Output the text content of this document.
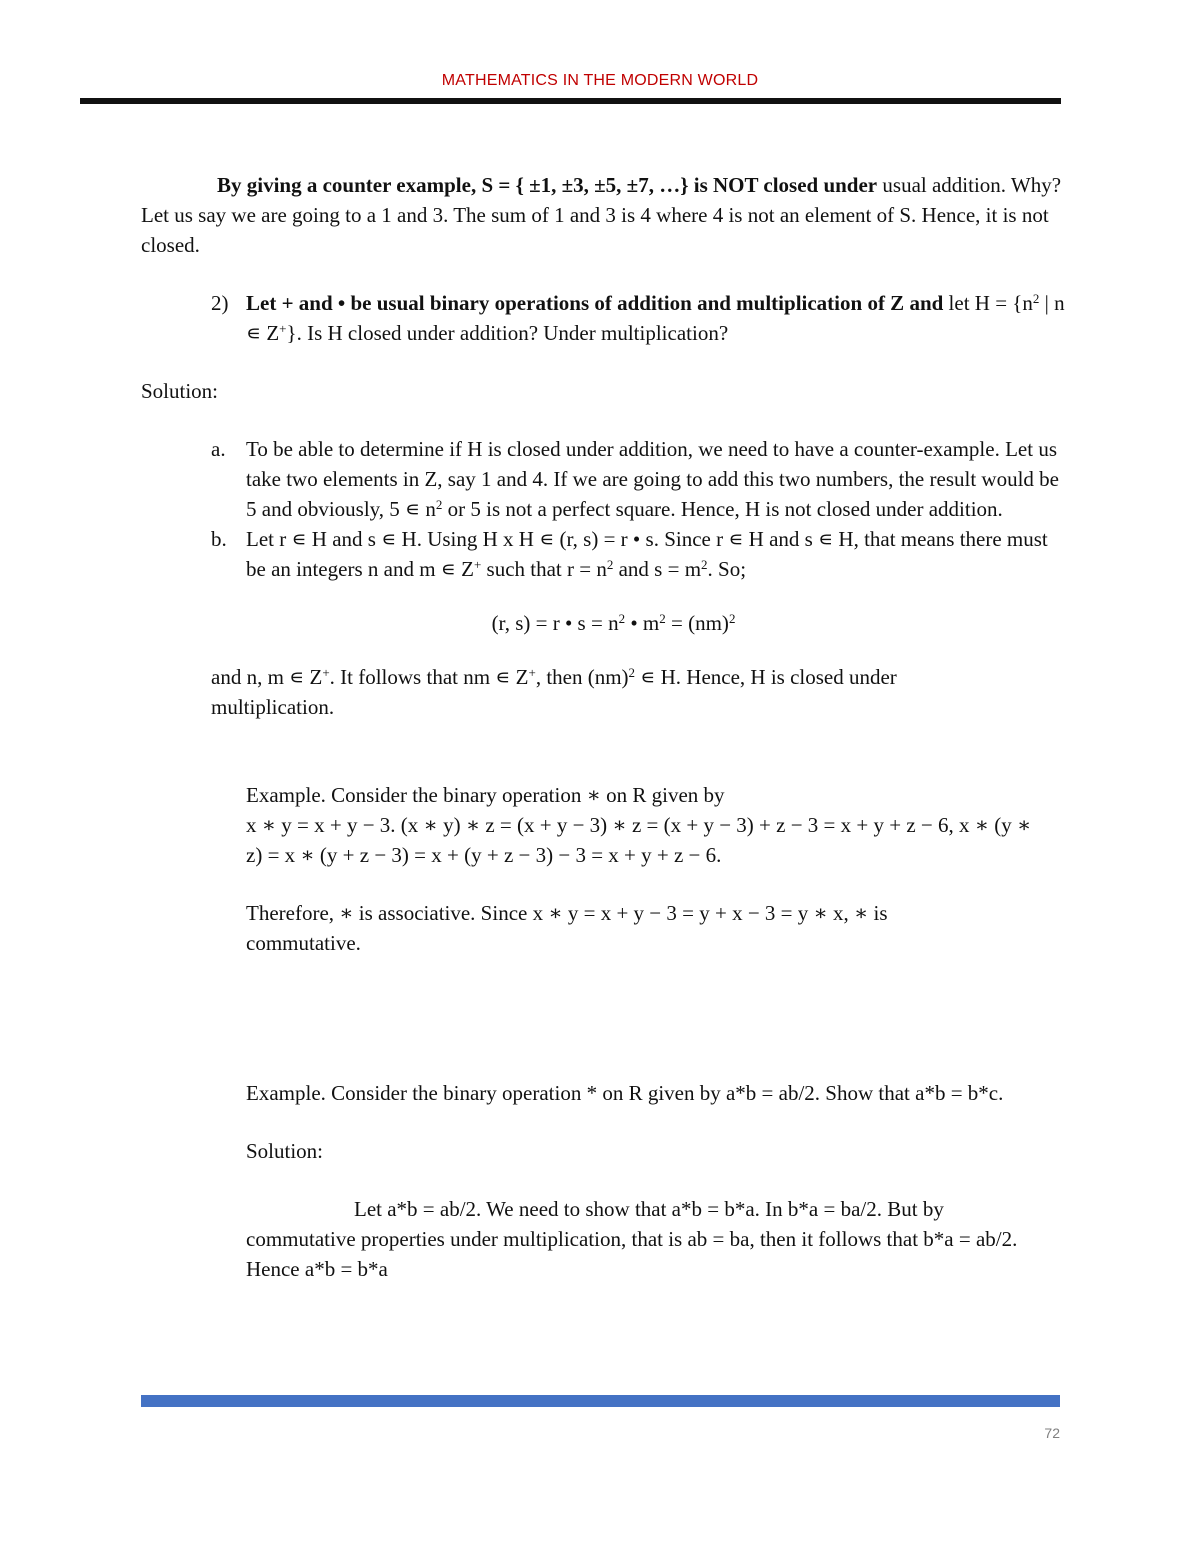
MATHEMATICS IN THE MODERN WORLD

By giving a counter example, S = { ±1, ±3, ±5, ±7, …} is NOT closed under usual addition. Why? Let us say we are going to a 1 and 3. The sum of 1 and 3 is 4 where 4 is not an element of S. Hence, it is not closed.

2) Let + and • be usual binary operations of addition and multiplication of Z and let $H = \{n^2$ | n ∊ Z+}. Is H closed under addition? Under multiplication?

Solution:

a. To be able to determine if H is closed under addition, we need to have a counter-example. Let us take two elements in Z, say 1 and 4. If we are going to add this two numbers, the result would be 5 and obviously, 5 ∊ $n^2$ or 5 is not a perfect square. Hence, H is not closed under addition.

b. Let r ∊ H and s ∊ H. Using H x H ∊ (r, s) = r • s. Since r ∊ H and s ∊ H, that means there must be an integers n and m ∊ Z+ such that $r = n^2$ and $s = m^2$. So;

(r, s) = r • $s = n^2$ • $m^2 = (nm)^2$

and n, m ∊ Z+. It follows that nm ∊ Z+, then (nm)$^2$ ∊ H. Hence, H is closed under multiplication.

Example. Consider the binary operation ∗ on R given by

x ∗ y = x + y − 3. (x ∗ y) ∗ z = (x + y − 3) ∗ z = (x + y − 3) + z − 3 = x + y + z − 6, x ∗ (y ∗ z) = x ∗ (y + z − 3) = x + (y + z − 3) − 3 = x + y + z − 6.

Therefore, ∗ is associative. Since x ∗ y = x + y − 3 = y + x − 3 = y ∗ x, ∗ is commutative.

Example. Consider the binary operation * on R given by a*b = ab/2. Show that a*b = b*c.

Solution:

Let a*b = ab/2. We need to show that a*b = b*a. In b*a = ba/2. But by commutative properties under multiplication, that is ab = ba, then it follows that b*a = ab/2. Hence a*b = b*a

72
